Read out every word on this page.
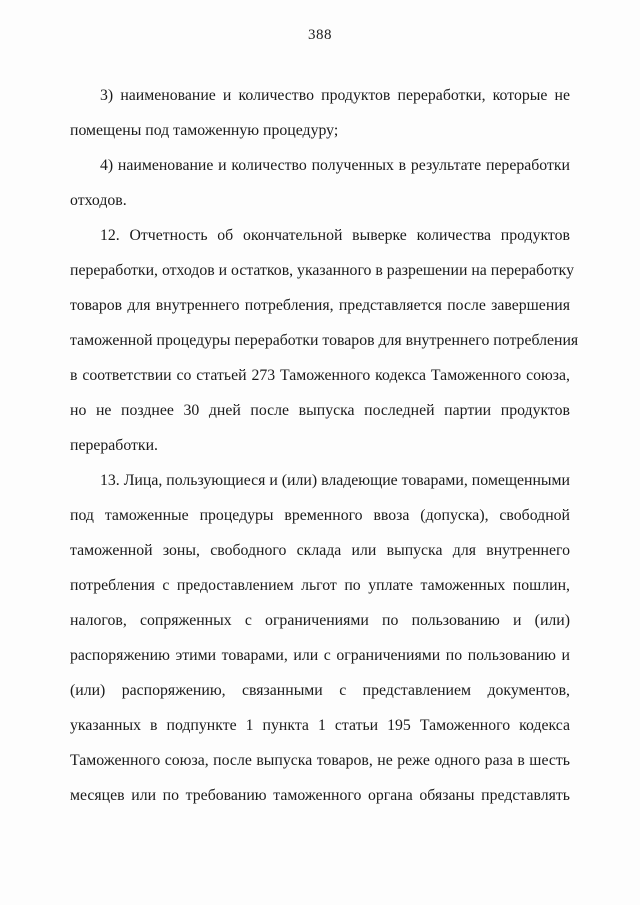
388
3) наименование и количество продуктов переработки, которые не
помещены под таможенную процедуру;
4) наименование и количество полученных в результате переработки
отходов.
12. Отчетность об окончательной выверке количества продуктов
переработки, отходов и остатков, указанного в разрешении на переработку
товаров для внутреннего потребления, представляется после завершения
таможенной процедуры переработки товаров для внутреннего потребления
в соответствии со статьей 273 Таможенного кодекса Таможенного союза,
но не позднее 30 дней после выпуска последней партии продуктов
переработки.
13. Лица, пользующиеся и (или) владеющие товарами, помещенными
под таможенные процедуры временного ввоза (допуска), свободной
таможенной зоны, свободного склада или выпуска для внутреннего
потребления с предоставлением льгот по уплате таможенных пошлин,
налогов, сопряженных с ограничениями по пользованию и (или)
распоряжению этими товарами, или с ограничениями по пользованию и
(или) распоряжению, связанными с представлением документов,
указанных в подпункте 1 пункта 1 статьи 195 Таможенного кодекса
Таможенного союза, после выпуска товаров, не реже одного раза в шесть
месяцев или по требованию таможенного органа обязаны представлять
